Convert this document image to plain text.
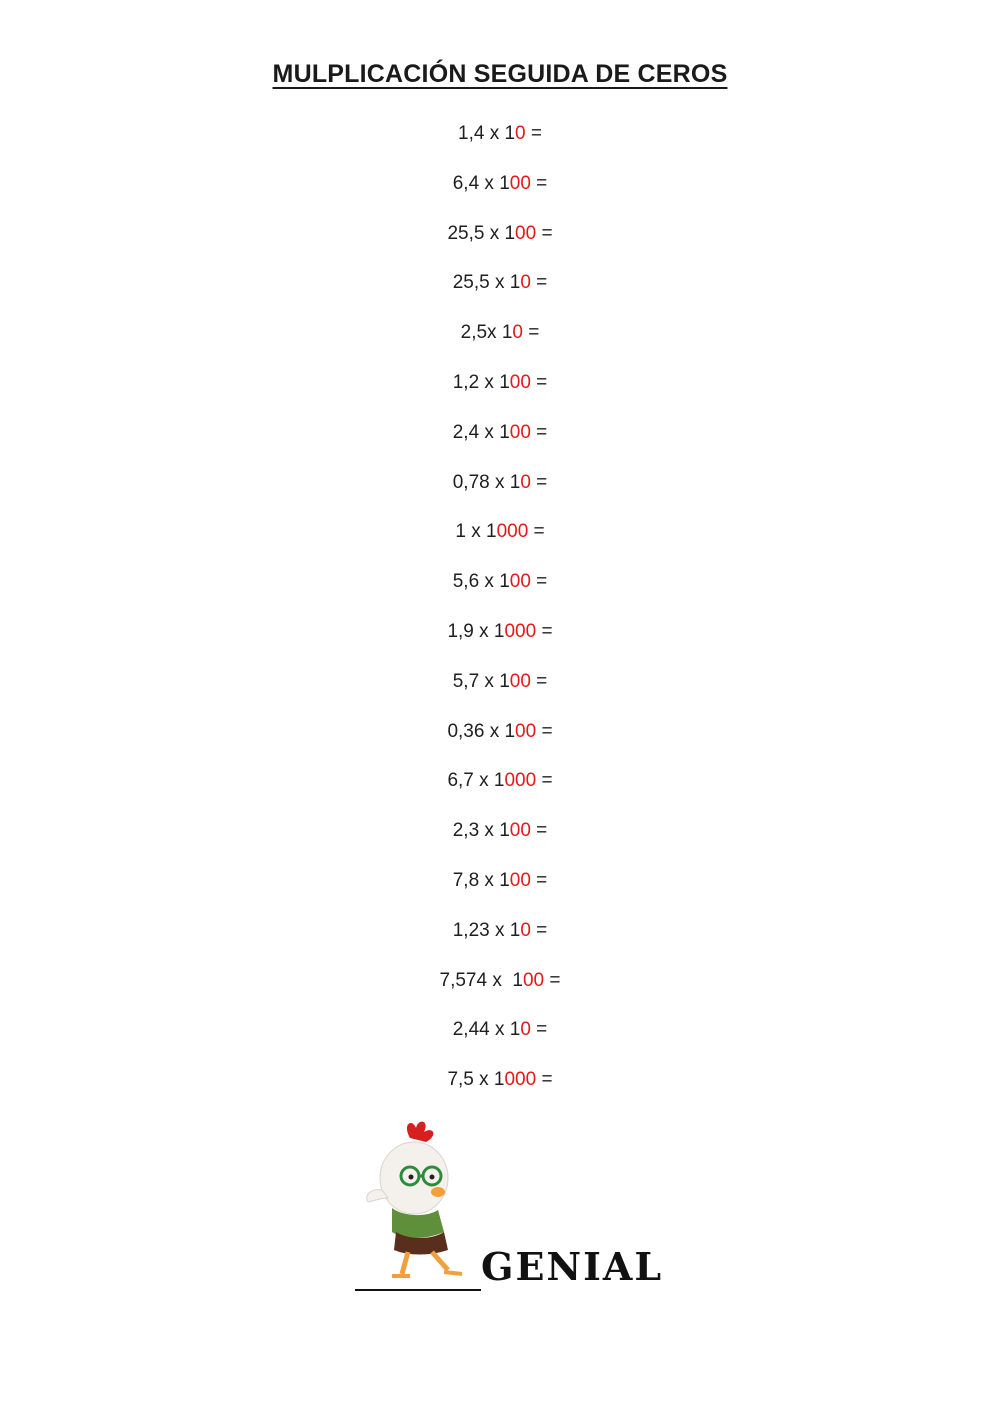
MULPLICACIÓN SEGUIDA DE CEROS
1,4 x 10 =
6,4 x 100 =
25,5 x 100 =
25,5 x 10 =
2,5x 10 =
1,2 x 100 =
2,4 x 100 =
0,78 x 10 =
1 x 1000 =
5,6 x 100 =
1,9 x 1000 =
5,7 x 100 =
0,36 x 100 =
6,7 x 1000 =
2,3 x 100 =
7,8 x 100 =
1,23 x 10 =
7,574 x  100 =
2,44 x 10 =
7,5 x 1000 =
GENIAL
